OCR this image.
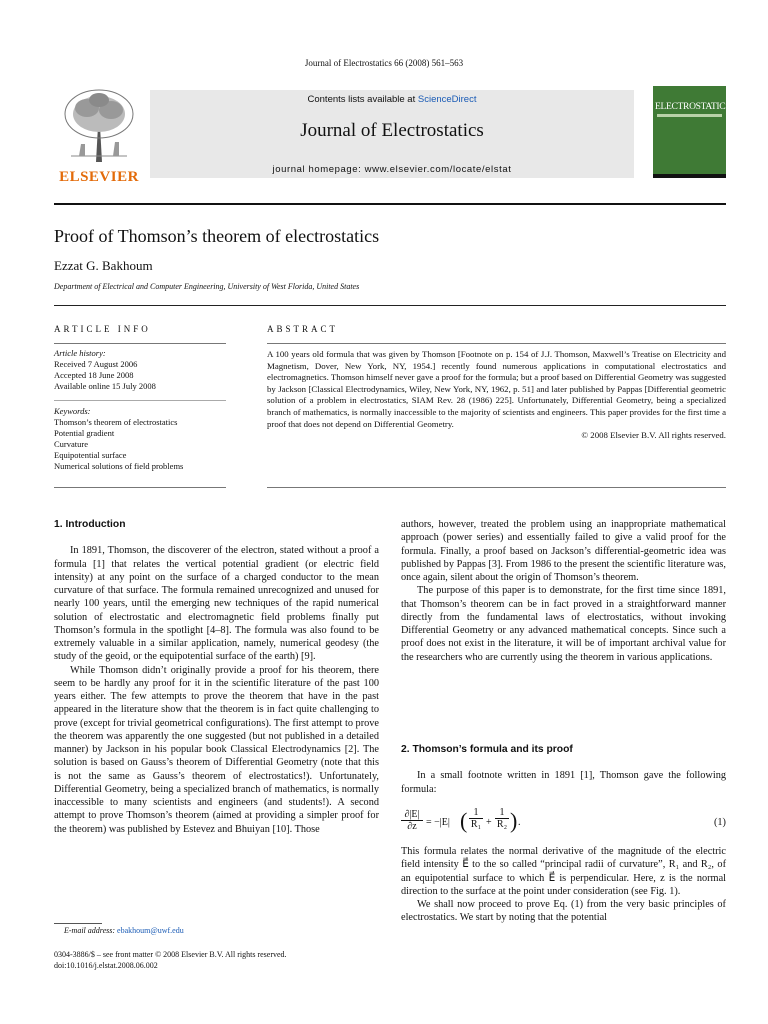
Journal of Electrostatics 66 (2008) 561–563
ELSEVIER
Contents lists available at ScienceDirect
Journal of Electrostatics
journal homepage: www.elsevier.com/locate/elstat
ELECTROSTATICS
Proof of Thomson’s theorem of electrostatics
Ezzat G. Bakhoum
Department of Electrical and Computer Engineering, University of West Florida, United States
ARTICLE INFO	ABSTRACT
Article history:
Received 7 August 2006
Accepted 18 June 2008
Available online 15 July 2008
Keywords:
Thomson’s theorem of electrostatics
Potential gradient
Curvature
Equipotential surface
Numerical solutions of field problems
A 100 years old formula that was given by Thomson [Footnote on p. 154 of J.J. Thomson, Maxwell’s Treatise on Electricity and Magnetism, Dover, New York, NY, 1954.] recently found numerous applications in computational electrostatics and electromagnetics. Thomson himself never gave a proof for the formula; but a proof based on Differential Geometry was suggested by Jackson [Classical Electrodynamics, Wiley, New York, NY, 1962, p. 51] and later published by Pappas [Differential geometric solution of a problem in electrostatics, SIAM Rev. 28 (1986) 225]. Unfortunately, Differential Geometry, being a specialized branch of mathematics, is normally inaccessible to the majority of scientists and engineers. This paper provides for the first time a proof that does not depend on Differential Geometry.
© 2008 Elsevier B.V. All rights reserved.
1. Introduction

In 1891, Thomson, the discoverer of the electron, stated without a proof a formula [1] that relates the vertical potential gradient (or electric field intensity) at any point on the surface of a charged conductor to the mean curvature of that surface. The formula remained unrecognized and unused for nearly 100 years, until the emerging new techniques of the rapid numerical solution of electrostatic and electromagnetic field problems finally put Thomson’s formula in the spotlight [4–8]. The formula was also found to be extremely valuable in a similar application, namely, numerical geodesy (the study of the geoid, or the equipotential surface of the earth) [9].

While Thomson didn’t originally provide a proof for his theorem, there seem to be hardly any proof for it in the scientific literature of the past 100 years either. The few attempts to prove the theorem that have in the past appeared in the literature show that the theorem is in fact quite challenging to prove (except for trivial geometrical configurations). The first attempt to prove the theorem was apparently the one suggested (but not published in a detailed manner) by Jackson in his popular book Classical Electrodynamics [2]. The solution is based on Gauss’s theorem of Differential Geometry (note that this is not the same as Gauss’s theorem of electrostatics!). Unfortunately, Differential Geometry, being a specialized branch of mathematics, is normally inaccessible to many scientists and engineers (and students!). A second attempt to prove Thomson’s theorem (aimed at providing a simpler proof for the theorem) was published by Estevez and Bhuiyan [10]. Those

authors, however, treated the problem using an inappropriate mathematical approach (power series) and essentially failed to give a valid proof for the formula. Finally, a proof based on Jackson’s differential-geometric idea was published by Pappas [3]. From 1986 to the present the scientific literature was, once again, silent about the origin of Thomson’s theorem.

The purpose of this paper is to demonstrate, for the first time since 1891, that Thomson’s theorem can be in fact proved in a straightforward manner directly from the fundamental laws of electrostatics, without invoking Differential Geometry or any advanced mathematical concepts. Since such a proof does not exist in the literature, it will be of important archival value for the researchers who are currently using the theorem in various applications.

2. Thomson’s formula and its proof

In a small footnote written in 1891 [1], Thomson gave the following formula:

$\frac{\partial|E|}{\partial z} = -|E|$ ( $\frac{1}{\text{R₁}} + \frac{1}{\text{R₂}}$ ) .	(1)

This formula relates the normal derivative of the magnitude of the electric field intensity E⃗ to the so called “principal radii of curvature”, R₁ and R₂, of an equipotential surface to which E⃗ is perpendicular. Here, z is the normal direction to the surface at the point under consideration (see Fig. 1).

We shall now proceed to prove Eq. (1) from the very basic principles of electrostatics. We start by noting that the potential

E-mail address: ebakhoum@uwf.edu
0304-3886/$ – see front matter © 2008 Elsevier B.V. All rights reserved.
doi:10.1016/j.elstat.2008.06.002
